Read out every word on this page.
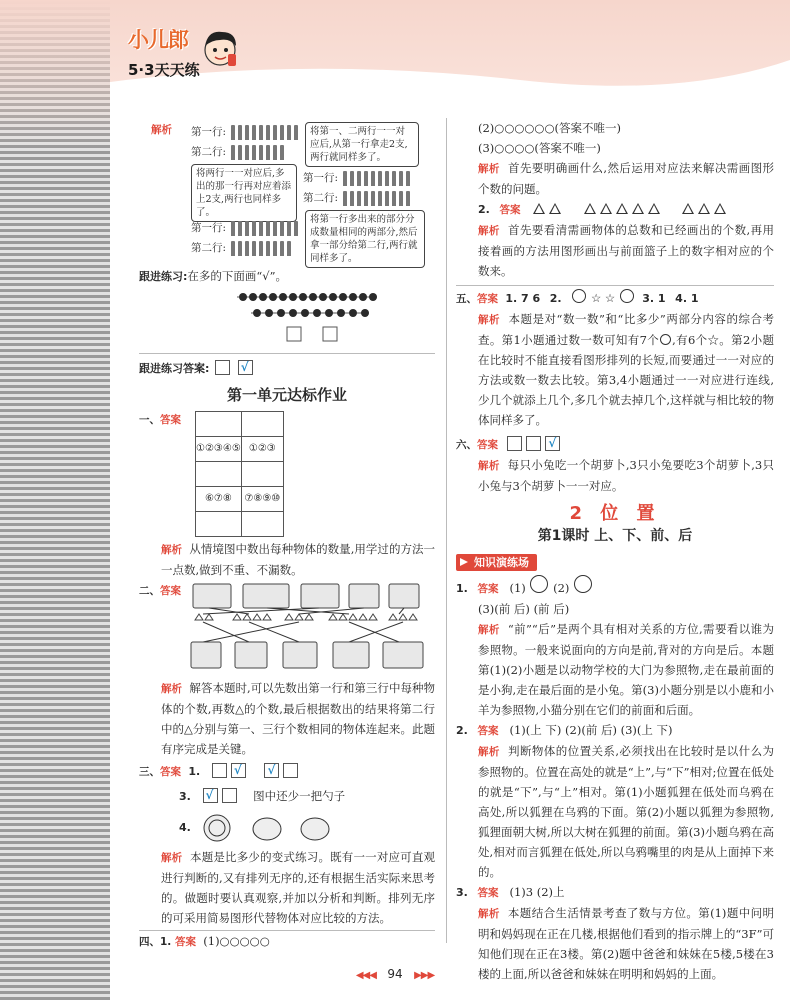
小儿郎
5·3天天练
解析 第一行:
第二行:
将第一、二两行一一对应后,从第一行拿走2支,两行就同样多了。
将两行一一对应后,多出的那一行再对应着添上2支,两行也同样多了。
第一行:
第二行:
第一行:
第二行:
将第一行多出来的部分分成数量相同的两部分,然后拿一部分给第二行,两行就同样多了。
跟进练习:在多的下面画“√”。
跟进练习答案:  √
第一单元达标作业
一、答案

①②③④⑤	①②③

⑥⑦⑧	⑦⑧⑨⑩

解析 从情境图中数出每种物体的数量,用学过的方法一一点数,做到不重、不漏数。
二、答案
解析 解答本题时,可以先数出第一行和第三行中每种物体的个数,再数△的个数,最后根据数出的结果将第二行中的△分别与第一、三行个数相同的物体连起来。此题有序完成是关键。
三、答案 1. √    √
3. √	图中还少一把勺子
4.
解析 本题是比多少的变式练习。既有一一对应可直观进行判断的,又有排列无序的,还有根据生活实际来思考的。做题时要认真观察,并加以分析和判断。排列无序的可采用简易图形代替物体对应比较的方法。
四、1. 答案 (1)○○○○○
(2)○○○○○○(答案不唯一)
(3)○○○○(答案不唯一)
解析 首先要明确画什么,然后运用对应法来解决需画图形个数的问题。
2. 答案
解析 首先要看清需画物体的总数和已经画出的个数,再用接着画的方法用图形画出与前面篮子上的数字相对应的个数来。
五、答案 1. 7 6 2.	☆ ☆ 3. 1 4. 1
解析 本题是对“数一数”和“比多少”两部分内容的综合考查。第1小题通过数一数可知有7个 ,有6个☆。第2小题在比较时不能直接看图形排列的长短,而要通过一一对应的方法或数一数去比较。第3,4小题通过一一对应进行连线,少几个就添上几个,多几个就去掉几个,这样就与相比较的物体同样多了。
六、答案  √
解析 每只小兔吃一个胡萝卜,3只小兔要吃3个胡萝卜,3只小兔与3个胡萝卜一一对应。
2 位 置
第1课时 上、下、前、后
知识演练场
1. 答案 (1) (2)
(3)(前 后) (前 后)
解析 “前”“后”是两个具有相对关系的方位,需要看以谁为参照物。一般来说面向的方向是前,背对的方向是后。本题第(1)(2)小题是以动物学校的大门为参照物,走在最前面的是小狗,走在最后面的是小兔。第(3)小题分别是以小鹿和小羊为参照物,小猫分别在它们的前面和后面。
2. 答案 (1)(上 下) (2)(前 后) (3)(上 下)
解析 判断物体的位置关系,必须找出在比较时是以什么为参照物的。位置在高处的就是“上”,与“下”相对;位置在低处的就是“下”,与“上”相对。第(1)小题狐狸在低处而乌鸦在高处,所以狐狸在乌鸦的下面。第(2)小题以狐狸为参照物,狐狸面朝大树,所以大树在狐狸的前面。第(3)小题乌鸦在高处,相对而言狐狸在低处,所以乌鸦嘴里的肉是从上面掉下来的。
3. 答案 (1)3 (2)上
解析 本题结合生活情景考查了数与方位。第(1)题中问明明和妈妈现在正在几楼,根据他们看到的指示牌上的“3F”可知他们现在正在3楼。第(2)题中爸爸和妹妹在5楼,5楼在3楼的上面,所以爸爸和妹妹在明明和妈妈的上面。
◀◀◀ 94 ▶▶▶
